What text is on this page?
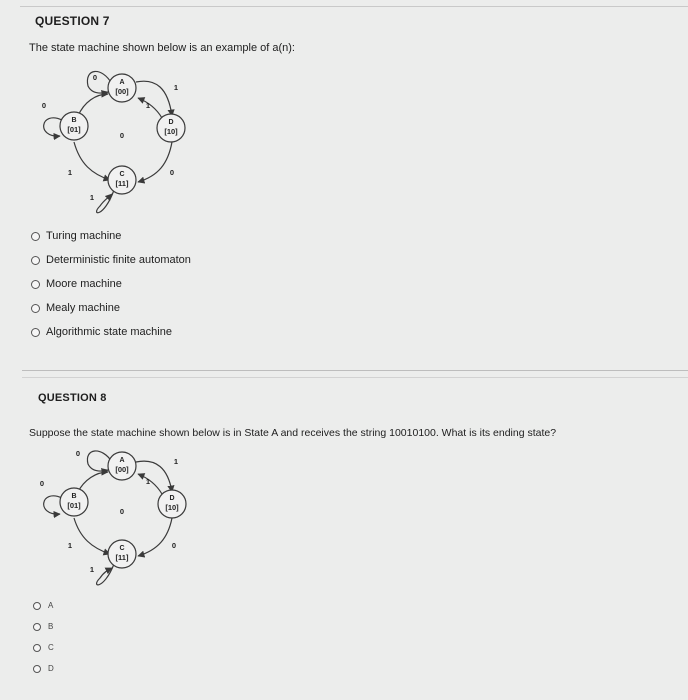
QUESTION 7
The state machine shown below is an example of a(n):
0
1
1
0
0
1
1
0
A
[00]
B
[01]
C
[11]
D
[10]
Turing machine
Deterministic finite automaton
Moore machine
Mealy machine
Algorithmic state machine
QUESTION 8
Suppose the state machine shown below is in State A and receives the string 10010100. What is its ending state?
0
1
1
0
0
1
1
0
A
[00]
B
[01]
C
[11]
D
[10]
A
B
C
D
